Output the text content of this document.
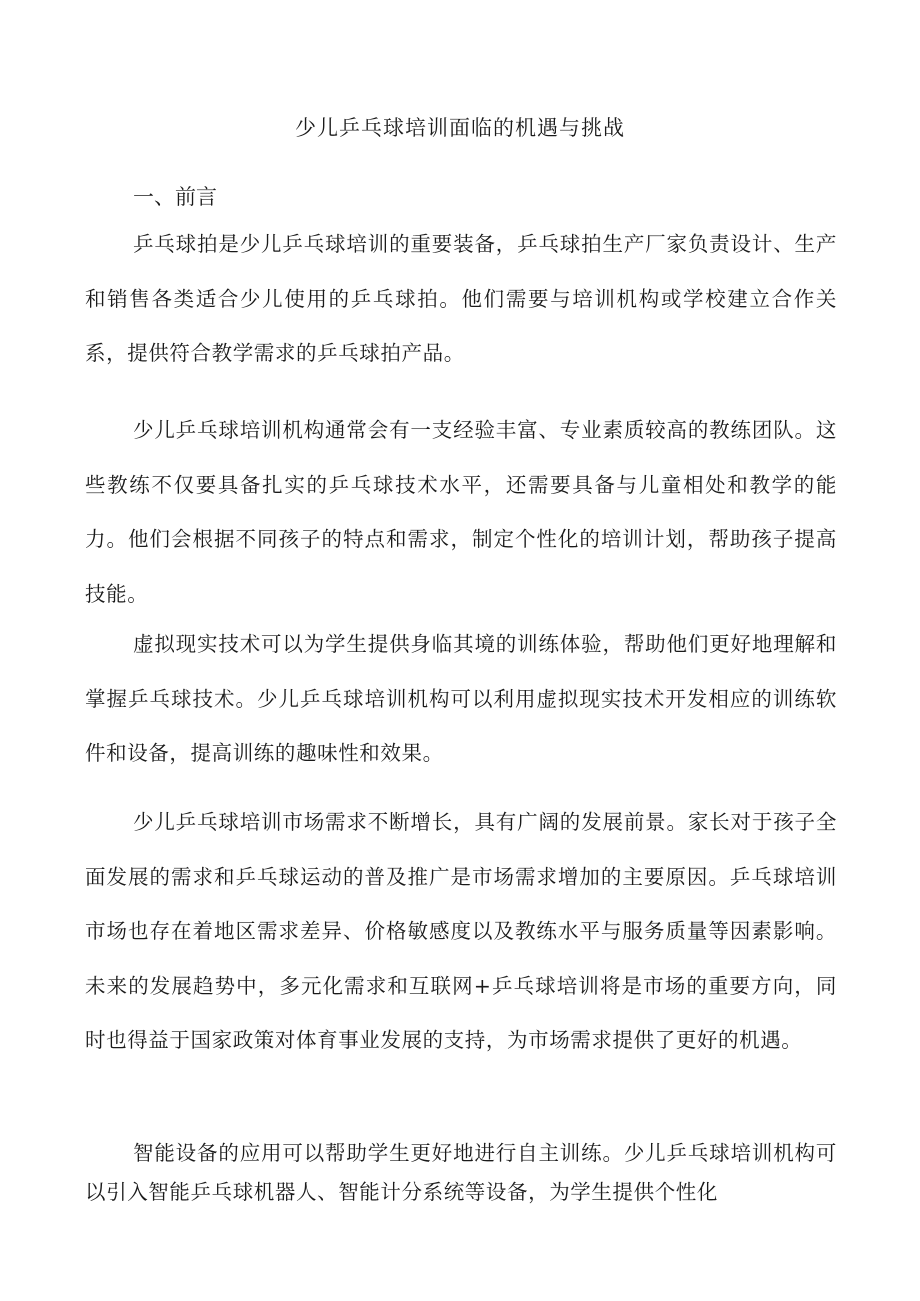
少儿乒乓球培训面临的机遇与挑战
一、前言

乒乓球拍是少儿乒乓球培训的重要装备，乒乓球拍生产厂家负责设计、生产和销售各类适合少儿使用的乒乓球拍。他们需要与培训机构或学校建立合作关系，提供符合教学需求的乒乓球拍产品。

少儿乒乓球培训机构通常会有一支经验丰富、专业素质较高的教练团队。这些教练不仅要具备扎实的乒乓球技术水平，还需要具备与儿童相处和教学的能力。他们会根据不同孩子的特点和需求，制定个性化的培训计划，帮助孩子提高技能。

虚拟现实技术可以为学生提供身临其境的训练体验，帮助他们更好地理解和掌握乒乓球技术。少儿乒乓球培训机构可以利用虚拟现实技术开发相应的训练软件和设备，提高训练的趣味性和效果。

少儿乒乓球培训市场需求不断增长，具有广阔的发展前景。家长对于孩子全面发展的需求和乒乓球运动的普及推广是市场需求增加的主要原因。乒乓球培训市场也存在着地区需求差异、价格敏感度以及教练水平与服务质量等因素影响。未来的发展趋势中，多元化需求和互联网+乒乓球培训将是市场的重要方向，同时也得益于国家政策对体育事业发展的支持，为市场需求提供了更好的机遇。

智能设备的应用可以帮助学生更好地进行自主训练。少儿乒乓球培训机构可以引入智能乒乓球机器人、智能计分系统等设备，为学生提供个性化
